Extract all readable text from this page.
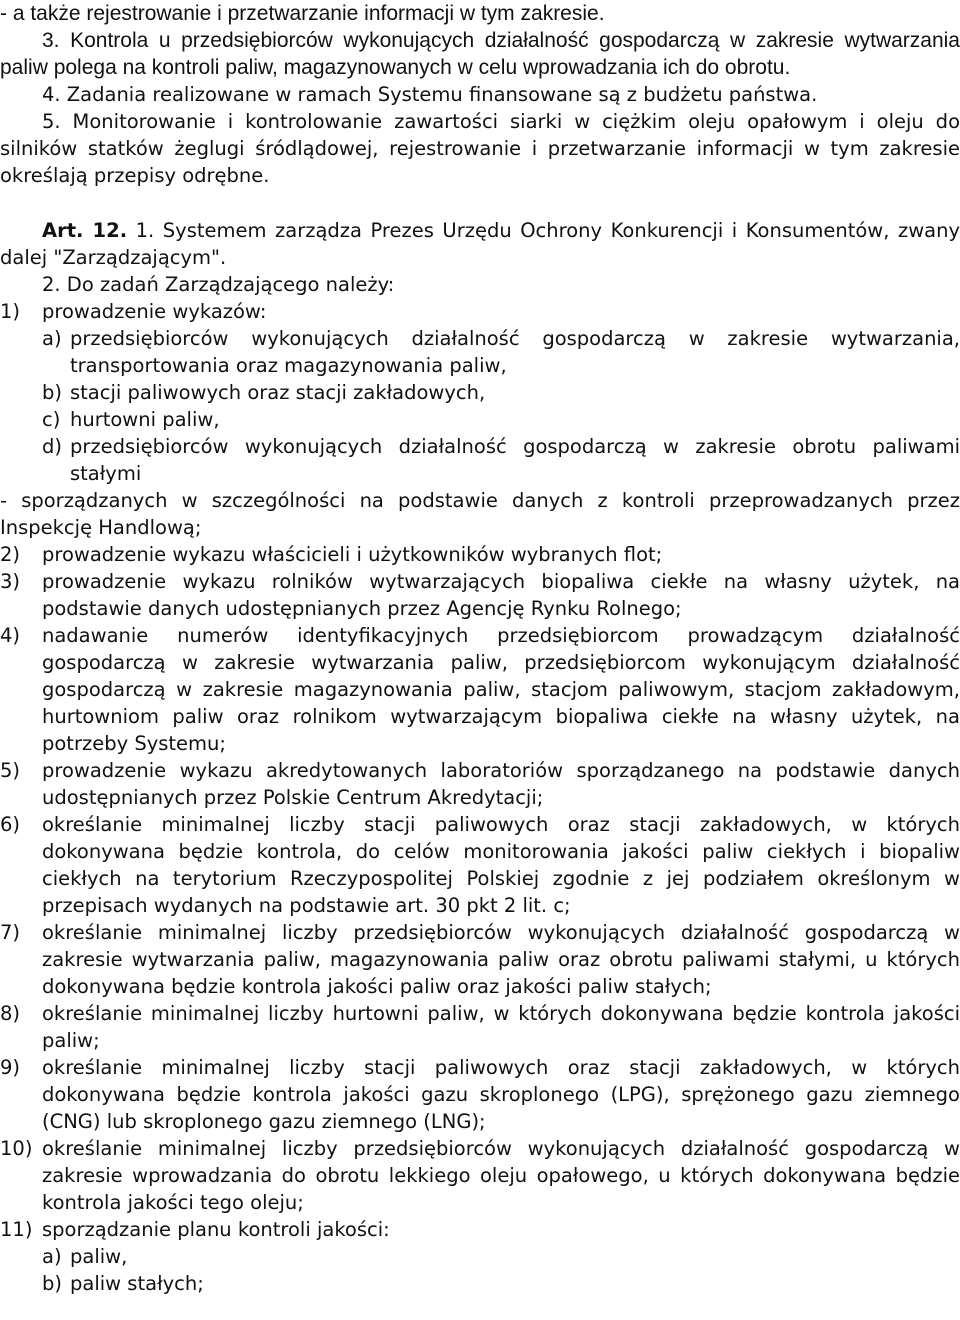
- a także rejestrowanie i przetwarzanie informacji w tym zakresie.

3. Kontrola u przedsiębiorców wykonujących działalność gospodarczą w zakresie wytwarzania paliw polega na kontroli paliw, magazynowanych w celu wprowadzania ich do obrotu.

4. Zadania realizowane w ramach Systemu finansowane są z budżetu państwa.

5. Monitorowanie i kontrolowanie zawartości siarki w ciężkim oleju opałowym i oleju do silników statków żeglugi śródlądowej, rejestrowanie i przetwarzanie informacji w tym zakresie określają przepisy odrębne.

Art. 12. 1. Systemem zarządza Prezes Urzędu Ochrony Konkurencji i Konsumentów, zwany dalej "Zarządzającym".

2. Do zadań Zarządzającego należy:

1)	prowadzenie wykazów:
a) przedsiębiorców wykonujących działalność gospodarczą w zakresie wytwarzania, transportowania oraz magazynowania paliw,
b) stacji paliwowych oraz stacji zakładowych,
c) hurtowni paliw,
d) przedsiębiorców wykonujących działalność gospodarczą w zakresie obrotu paliwami stałymi

- sporządzanych w szczególności na podstawie danych z kontroli przeprowadzanych przez Inspekcję Handlową;

2)	prowadzenie wykazu właścicieli i użytkowników wybranych flot;
3)	prowadzenie wykazu rolników wytwarzających biopaliwa ciekłe na własny użytek, na podstawie danych udostępnianych przez Agencję Rynku Rolnego;
4)	nadawanie numerów identyfikacyjnych przedsiębiorcom prowadzącym działalność gospodarczą w zakresie wytwarzania paliw, przedsiębiorcom wykonującym działalność gospodarczą w zakresie magazynowania paliw, stacjom paliwowym, stacjom zakładowym, hurtowniom paliw oraz rolnikom wytwarzającym biopaliwa ciekłe na własny użytek, na potrzeby Systemu;
5)	prowadzenie wykazu akredytowanych laboratoriów sporządzanego na podstawie danych udostępnianych przez Polskie Centrum Akredytacji;
6)	określanie minimalnej liczby stacji paliwowych oraz stacji zakładowych, w których dokonywana będzie kontrola, do celów monitorowania jakości paliw ciekłych i biopaliw ciekłych na terytorium Rzeczypospolitej Polskiej zgodnie z jej podziałem określonym w przepisach wydanych na podstawie art. 30 pkt 2 lit. c;
7)	określanie minimalnej liczby przedsiębiorców wykonujących działalność gospodarczą w zakresie wytwarzania paliw, magazynowania paliw oraz obrotu paliwami stałymi, u których dokonywana będzie kontrola jakości paliw oraz jakości paliw stałych;
8)	określanie minimalnej liczby hurtowni paliw, w których dokonywana będzie kontrola jakości paliw;
9)	określanie minimalnej liczby stacji paliwowych oraz stacji zakładowych, w których dokonywana będzie kontrola jakości gazu skroplonego (LPG), sprężonego gazu ziemnego (CNG) lub skroplonego gazu ziemnego (LNG);
10) określanie minimalnej liczby przedsiębiorców wykonujących działalność gospodarczą w zakresie wprowadzania do obrotu lekkiego oleju opałowego, u których dokonywana będzie kontrola jakości tego oleju;
11) sporządzanie planu kontroli jakości:
a) paliw,
b) paliw stałych;
